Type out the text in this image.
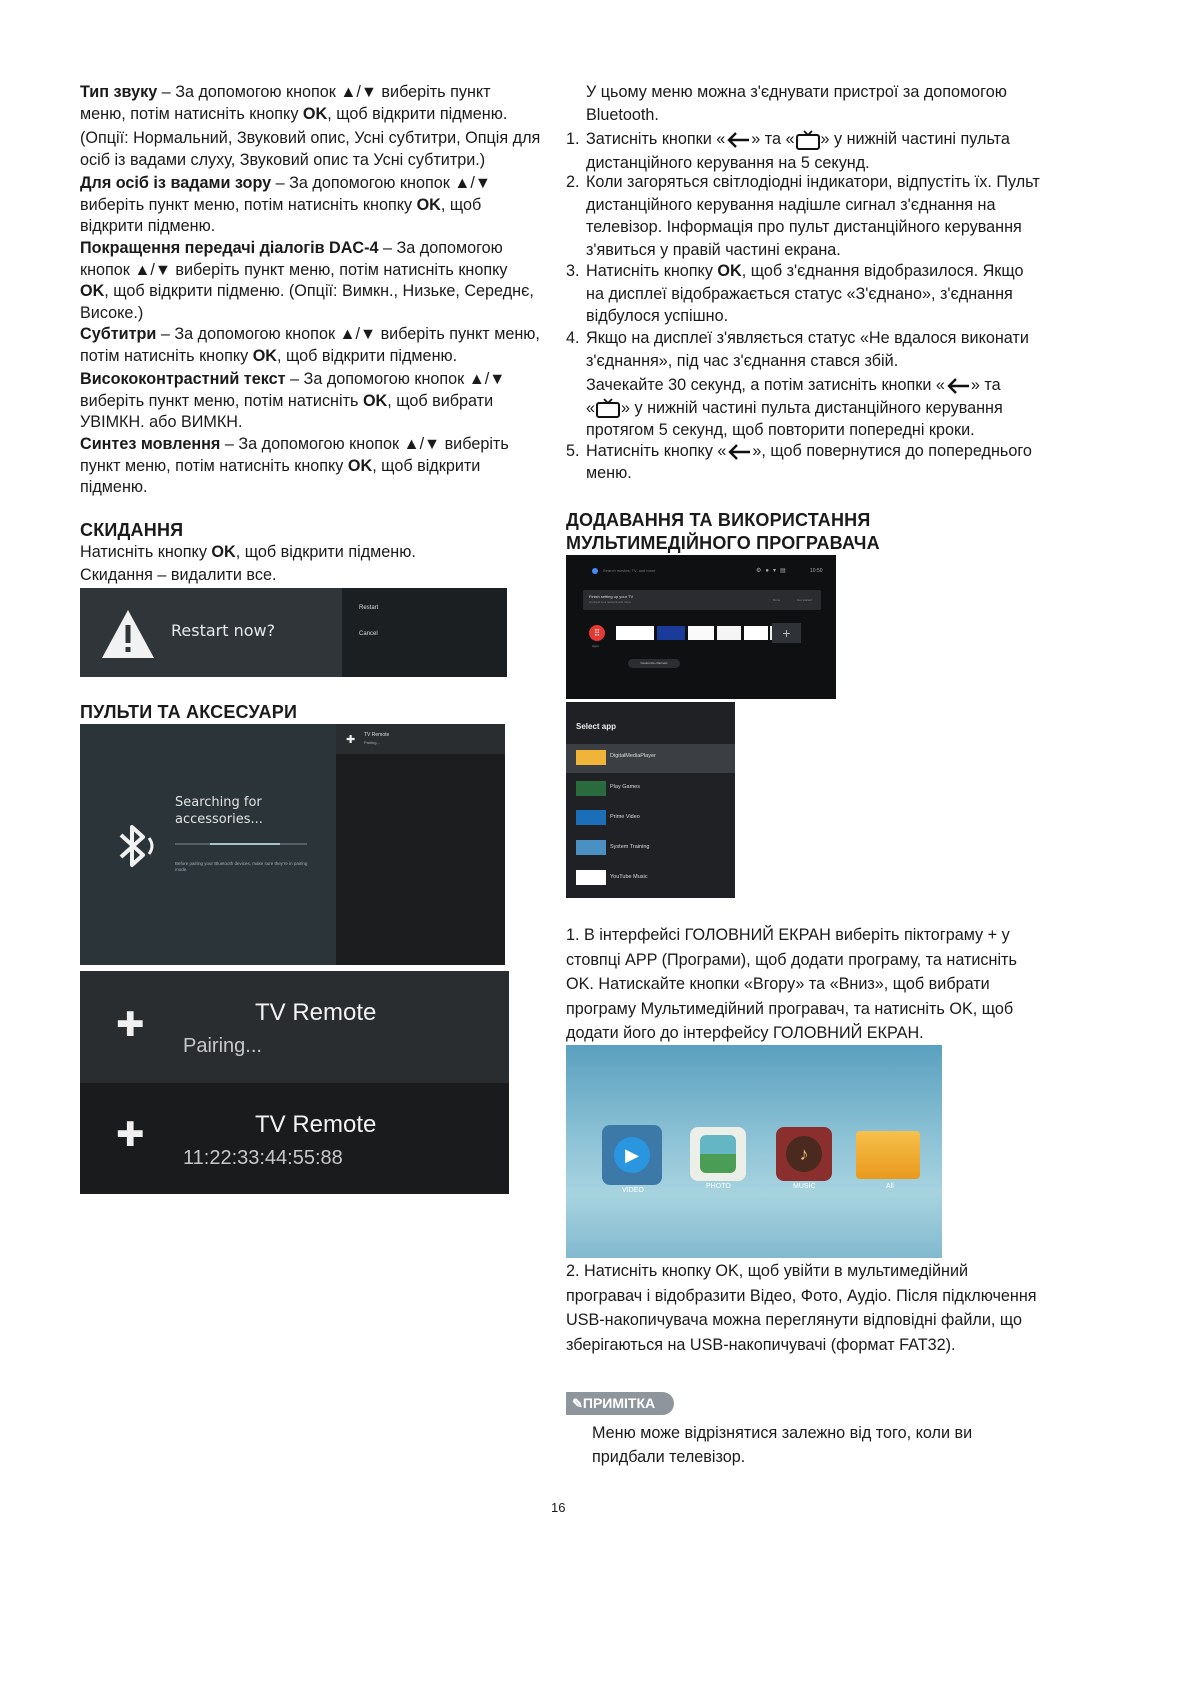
Тип звуку – За допомогою кнопок ▲/▼ виберіть пункт меню, потім натисніть кнопку OK, щоб відкрити підменю.
(Опції: Нормальний, Звуковий опис, Усні субтитри, Опція для осіб із вадами слуху, Звуковий опис та Усні субтитри.)
Для осіб із вадами зору – За допомогою кнопок ▲/▼ виберіть пункт меню, потім натисніть кнопку OK, щоб відкрити підменю.
Покращення передачі діалогів DAC-4 – За допомогою кнопок ▲/▼ виберіть пункт меню, потім натисніть кнопку OK, щоб відкрити підменю. (Опції: Вимкн., Низьке, Середнє, Високе.)
Субтитри – За допомогою кнопок ▲/▼ виберіть пункт меню, потім натисніть кнопку OK, щоб відкрити підменю.
Висококонтрастний текст – За допомогою кнопок ▲/▼ виберіть пункт меню, потім натисніть OK, щоб вибрати УВІМКН. або ВИМКН.
Синтез мовлення – За допомогою кнопок ▲/▼ виберіть пункт меню, потім натисніть кнопку OK, щоб відкрити підменю.
СКИДАННЯ
Натисніть кнопку OK, щоб відкрити підменю.
Скидання – видалити все.
Restart now?
Restart
Cancel
ПУЛЬТИ ТА АКСЕСУАРИ
✚ TV Remote
Pairing...
Searching for accessories...
Before pairing your Bluetooth devices, make sure they're in pairing mode.
✚	TV Remote
Pairing...
✚	TV Remote
11:22:33:44:55:88
У цьому меню можна з'єднувати пристрої за допомогою Bluetooth.
1. Затисніть кнопки « » та « » у нижній частині пульта дистанційного керування на 5 секунд.
2. Коли загоряться світлодіодні індикатори, відпустіть їх. Пульт дистанційного керування надішле сигнал з'єднання на телевізор. Інформація про пульт дистанційного керування з'явиться у правій частині екрана.
3. Натисніть кнопку OK, щоб з'єднання відобразилося. Якщо на дисплеї відображається статус «З'єднано», з'єднання відбулося успішно.
4. Якщо на дисплеї з'являється статус «Не вдалося виконати з'єднання», під час з'єднання стався збій.
Зачекайте 30 секунд, а потім затисніть кнопки « » та
« » у нижній частині пульта дистанційного керування протягом 5 секунд, щоб повторити попередні кроки.
5. Натисніть кнопку « », щоб повернутися до попереднього меню.
ДОДАВАННЯ ТА ВИКОРИСТАННЯ
МУЛЬТИМЕДІЙНОГО ПРОГРАВАЧА
Search movies, TV, and more	⚙●▾▤	10:50
Finish setting up your TV
Connect to a network and more	Done	Get started
⠿
Apps
+
Customize channels
Select app
DigitalMediaPlayer
Play Games
Prime Video
System Training
YouTube Music
1. В інтерфейсі ГОЛОВНИЙ ЕКРАН виберіть піктограму + у стовпці APP (Програми), щоб додати програму, та натисніть OK. Натискайте кнопки «Вгору» та «Вниз», щоб вибрати програму Мультимедійний програвач, та натисніть OK, щоб додати його до інтерфейсу ГОЛОВНИЙ ЕКРАН.
▶
VIDEO
PHOTO
♪
MUSIC	All
2. Натисніть кнопку OK, щоб увійти в мультимедійний програвач і відобразити Відео, Фото, Аудіо. Після підключення USB-накопичувача можна переглянути відповідні файли, що зберігаються на USB-накопичувачі (формат FAT32).
✎ПРИМІТКА
Меню може відрізнятися залежно від того, коли ви придбали телевізор.
16
